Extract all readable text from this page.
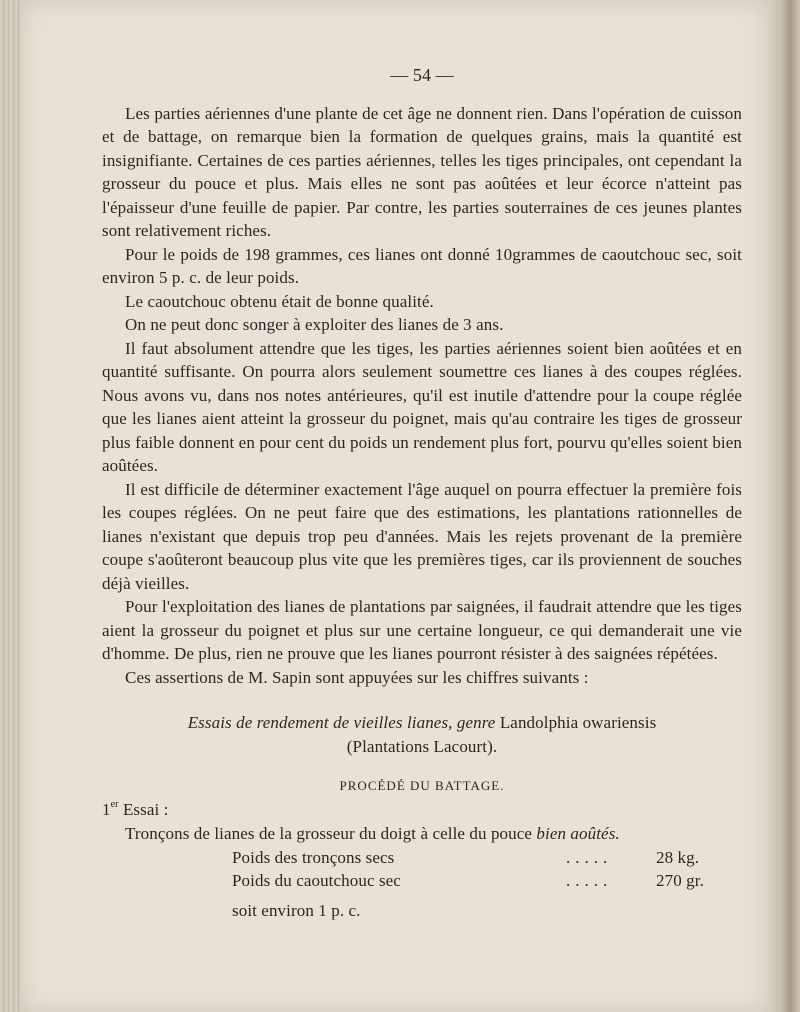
— 54 —

Les parties aériennes d'une plante de cet âge ne donnent rien. Dans l'opération de cuisson et de battage, on remarque bien la formation de quelques grains, mais la quantité est insignifiante. Certaines de ces parties aériennes, telles les tiges principales, ont cependant la grosseur du pouce et plus. Mais elles ne sont pas aoûtées et leur écorce n'atteint pas l'épaisseur d'une feuille de papier. Par contre, les parties souterraines de ces jeunes plantes sont relativement riches.

Pour le poids de 198 grammes, ces lianes ont donné 10grammes de caoutchouc sec, soit environ 5 p. c. de leur poids.

Le caoutchouc obtenu était de bonne qualité.

On ne peut donc songer à exploiter des lianes de 3 ans.

Il faut absolument attendre que les tiges, les parties aériennes soient bien aoûtées et en quantité suffisante. On pourra alors seulement soumettre ces lianes à des coupes réglées. Nous avons vu, dans nos notes antérieures, qu'il est inutile d'attendre pour la coupe réglée que les lianes aient atteint la grosseur du poignet, mais qu'au contraire les tiges de grosseur plus faible donnent en pour cent du poids un rendement plus fort, pourvu qu'elles soient bien aoûtées.

Il est difficile de déterminer exactement l'âge auquel on pourra effectuer la première fois les coupes réglées. On ne peut faire que des estimations, les plantations rationnelles de lianes n'existant que depuis trop peu d'années. Mais les rejets provenant de la première coupe s'aoûteront beaucoup plus vite que les premières tiges, car ils proviennent de souches déjà vieilles.

Pour l'exploitation des lianes de plantations par saignées, il faudrait attendre que les tiges aient la grosseur du poignet et plus sur une certaine longueur, ce qui demanderait une vie d'homme. De plus, rien ne prouve que les lianes pourront résister à des saignées répétées.

Ces assertions de M. Sapin sont appuyées sur les chiffres suivants :

Essais de rendement de vieilles lianes, genre Landolphia owariensis
(Plantations Lacourt).
PROCÉDÉ DU BATTAGE.
1er Essai :

Tronçons de lianes de la grosseur du doigt à celle du pouce bien aoûtés.

Poids des tronçons secs	.....	28 kg.
Poids du caoutchouc sec	.....	270 gr.
soit environ 1 p. c.
